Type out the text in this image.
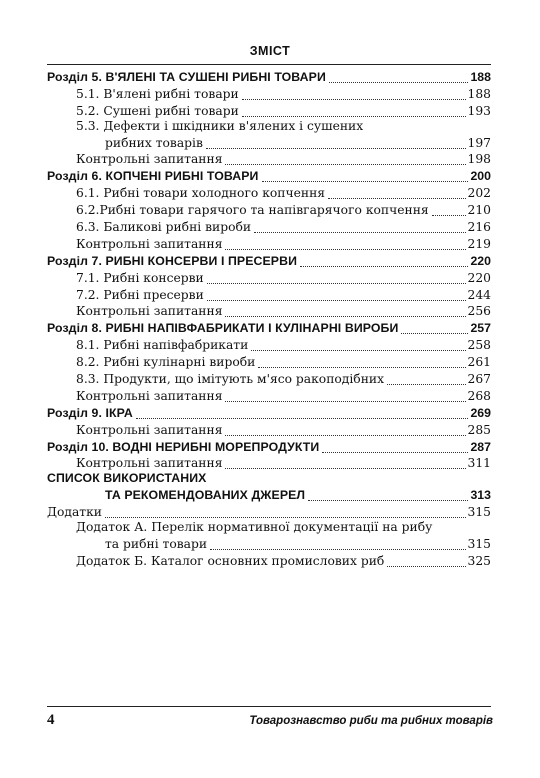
ЗМІСТ
Розділ 5. В'ЯЛЕНІ ТА СУШЕНІ РИБНІ ТОВАРИ	188
5.1. В'ялені рибні товари	188
5.2. Сушені рибні товари	193
5.3. Дефекти і шкідники в'ялених і сушених
рибних товарів	197
Контрольні запитання	198
Розділ 6. КОПЧЕНІ РИБНІ ТОВАРИ	200
6.1. Рибні товари холодного копчення	202
6.2.Рибні товари гарячого та напівгарячого копчення	210
6.3. Баликові рибні вироби	216
Контрольні запитання	219
Розділ 7. РИБНІ КОНСЕРВИ І ПРЕСЕРВИ	220
7.1. Рибні консерви	220
7.2. Рибні пресерви	244
Контрольні запитання	256
Розділ 8. РИБНІ НАПІВФАБРИКАТИ І КУЛІНАРНІ ВИРОБИ	257
8.1. Рибні напівфабрикати	258
8.2. Рибні кулінарні вироби	261
8.3. Продукти, що імітують м'ясо ракоподібних	267
Контрольні запитання	268
Розділ 9. ІКРА	269
Контрольні запитання	285
Розділ 10. ВОДНІ НЕРИБНІ МОРЕПРОДУКТИ	287
Контрольні запитання	311
СПИСОК ВИКОРИСТАНИХ
ТА РЕКОМЕНДОВАНИХ ДЖЕРЕЛ	313
Додатки	315
Додаток А. Перелік нормативної документації на рибу
та рибні товари	315
Додаток Б. Каталог основних промислових риб	325
4	Товарознавство риби та рибних товарів
